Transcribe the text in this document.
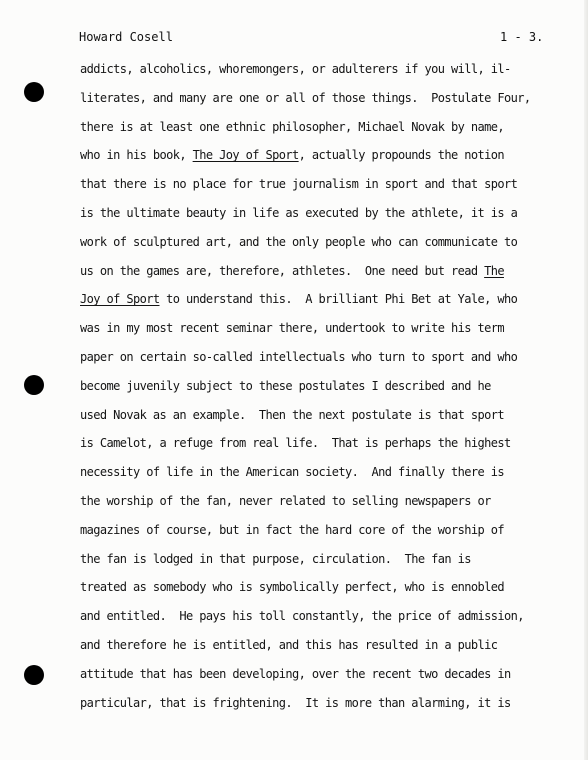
Howard Cosell	1 - 3.
addicts, alcoholics, whoremongers, or adulterers if you will, il-
literates, and many are one or all of those things.  Postulate Four,
there is at least one ethnic philosopher, Michael Novak by name,
who in his book, The Joy of Sport, actually propounds the notion
that there is no place for true journalism in sport and that sport
is the ultimate beauty in life as executed by the athlete, it is a
work of sculptured art, and the only people who can communicate to
us on the games are, therefore, athletes.  One need but read The
Joy of Sport to understand this.  A brilliant Phi Bet at Yale, who
was in my most recent seminar there, undertook to write his term
paper on certain so-called intellectuals who turn to sport and who
become juvenily subject to these postulates I described and he
used Novak as an example.  Then the next postulate is that sport
is Camelot, a refuge from real life.  That is perhaps the highest
necessity of life in the American society.  And finally there is
the worship of the fan, never related to selling newspapers or
magazines of course, but in fact the hard core of the worship of
the fan is lodged in that purpose, circulation.  The fan is
treated as somebody who is symbolically perfect, who is ennobled
and entitled.  He pays his toll constantly, the price of admission,
and therefore he is entitled, and this has resulted in a public
attitude that has been developing, over the recent two decades in
particular, that is frightening.  It is more than alarming, it is
